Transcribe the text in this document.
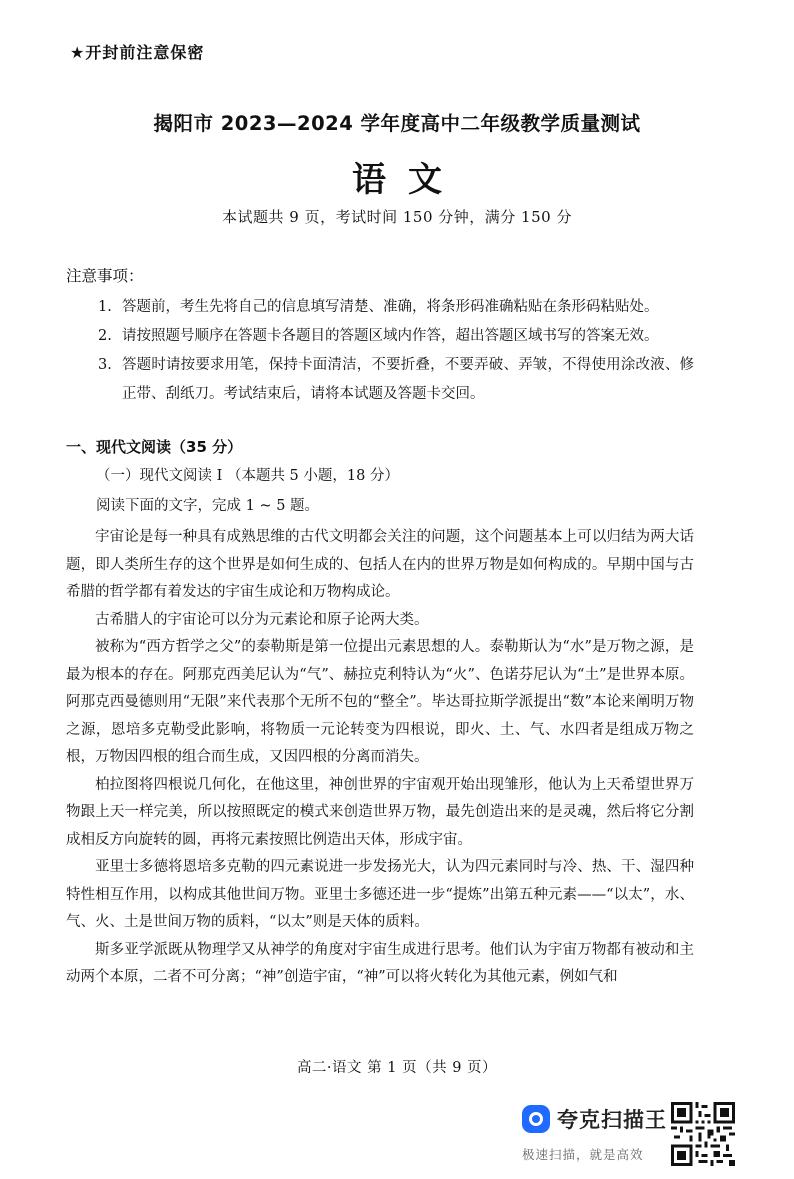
★开封前注意保密
揭阳市 2023—2024 学年度高中二年级教学质量测试
语文
本试题共 9 页，考试时间 150 分钟，满分 150 分
注意事项：
1. 答题前，考生先将自己的信息填写清楚、准确，将条形码准确粘贴在条形码粘贴处。
2. 请按照题号顺序在答题卡各题目的答题区域内作答，超出答题区域书写的答案无效。
3. 答题时请按要求用笔，保持卡面清洁，不要折叠，不要弄破、弄皱，不得使用涂改液、修正带、刮纸刀。考试结束后，请将本试题及答题卡交回。
一、现代文阅读（35 分）
（一）现代文阅读 I （本题共 5 小题，18 分）
阅读下面的文字，完成 1 ~ 5 题。

宇宙论是每一种具有成熟思维的古代文明都会关注的问题，这个问题基本上可以归结为两大话题，即人类所生存的这个世界是如何生成的、包括人在内的世界万物是如何构成的。早期中国与古希腊的哲学都有着发达的宇宙生成论和万物构成论。

古希腊人的宇宙论可以分为元素论和原子论两大类。

被称为“西方哲学之父”的泰勒斯是第一位提出元素思想的人。泰勒斯认为“水”是万物之源，是最为根本的存在。阿那克西美尼认为“气”、赫拉克利特认为“火”、色诺芬尼认为“土”是世界本原。阿那克西曼德则用“无限”来代表那个无所不包的“整全”。毕达哥拉斯学派提出“数”本论来阐明万物之源，恩培多克勒受此影响，将物质一元论转变为四根说，即火、土、气、水四者是组成万物之根，万物因四根的组合而生成，又因四根的分离而消失。

柏拉图将四根说几何化，在他这里，神创世界的宇宙观开始出现雏形，他认为上天希望世界万物跟上天一样完美，所以按照既定的模式来创造世界万物，最先创造出来的是灵魂，然后将它分割成相反方向旋转的圆，再将元素按照比例造出天体，形成宇宙。

亚里士多德将恩培多克勒的四元素说进一步发扬光大，认为四元素同时与冷、热、干、湿四种特性相互作用，以构成其他世间万物。亚里士多德还进一步“提炼”出第五种元素——“以太”，水、气、火、土是世间万物的质料，“以太”则是天体的质料。

斯多亚学派既从物理学又从神学的角度对宇宙生成进行思考。他们认为宇宙万物都有被动和主动两个本原，二者不可分离；“神”创造宇宙，“神”可以将火转化为其他元素，例如气和

高二·语文 第 1 页（共 9 页）
夸克扫描王
极速扫描，就是高效
